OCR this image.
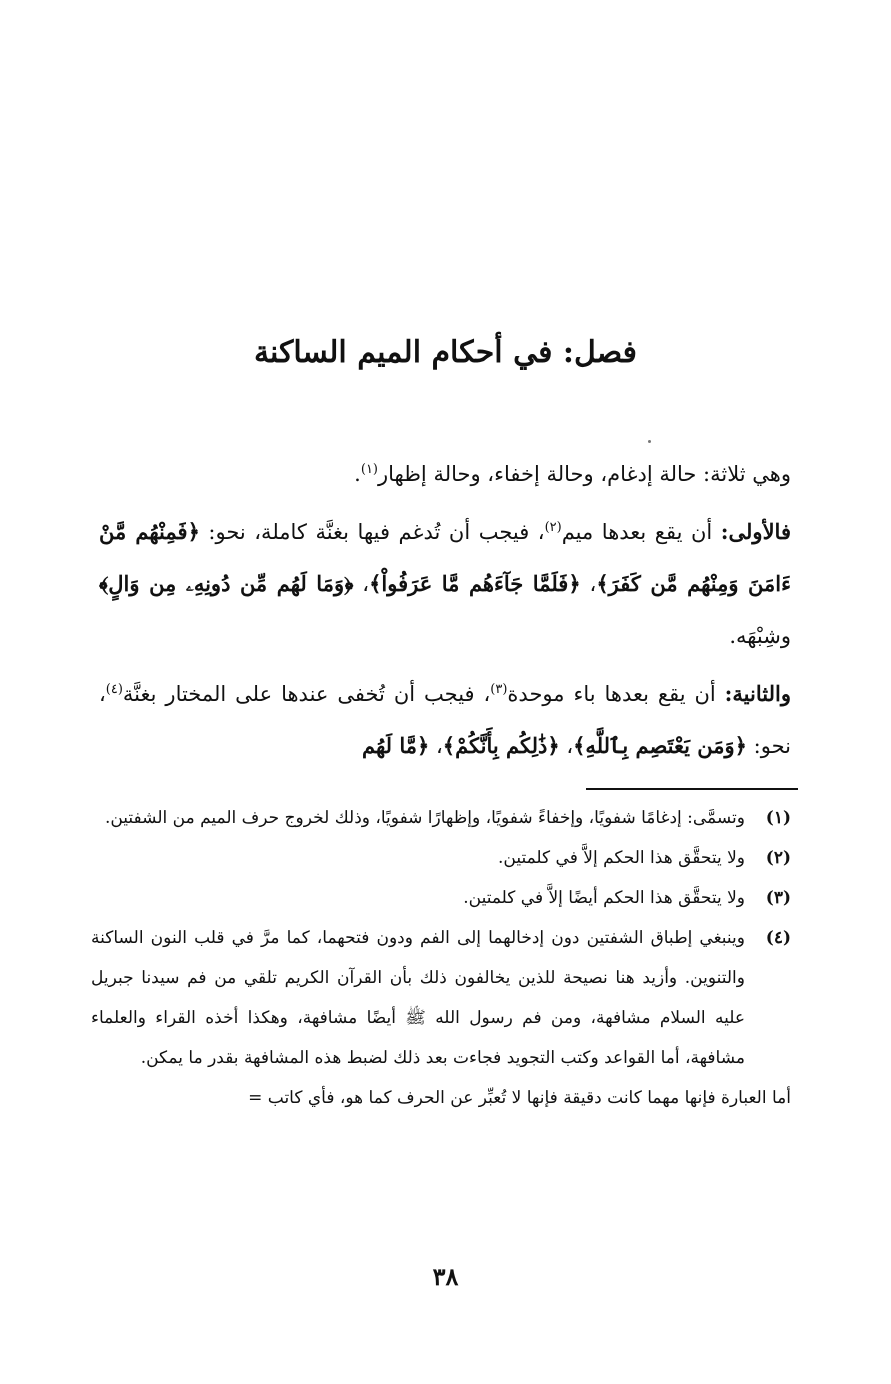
فصل: في أحكام الميم الساكنة

وهي ثلاثة: حالة إدغام، وحالة إخفاء، وحالة إظهار$^{(١)}$.

فالأولى: أن يقع بعدها ميم$^{(٢)}$، فيجب أن تُدغم فيها بغنَّة كاملة، نحو: ﴿فَمِنْهُم مَّنْ ءَامَنَ وَمِنْهُم مَّن كَفَرَ﴾، ﴿فَلَمَّا جَآءَهُم مَّا عَرَفُواْ﴾، ﴿وَمَا لَهُم مِّن دُونِهِۦ مِن وَالٍ﴾ وشِبْهَه.

والثانية: أن يقع بعدها باء موحدة$^{(٣)}$، فيجب أن تُخفى عندها على المختار بغنَّة$^{(٤)}$، نحو: ﴿وَمَن يَعْتَصِم بِٱللَّهِ﴾، ﴿ذَٰلِكُم بِأَنَّكُمْ﴾، ﴿مَّا لَهُم

(١)
وتسمَّى: إدغامًا شفويًا، وإخفاءً شفويًا، وإظهارًا شفويًا، وذلك لخروج حرف الميم من الشفتين.
(٢)
ولا يتحقَّق هذا الحكم إلاَّ في كلمتين.
(٣)
ولا يتحقَّق هذا الحكم أيضًا إلاَّ في كلمتين.
(٤)
وينبغي إطباق الشفتين دون إدخالهما إلى الفم ودون فتحهما، كما مرَّ في قلب النون الساكنة والتنوين. وأزيد هنا نصيحة للذين يخالفون ذلك بأن القرآن الكريم تلقي من فم سيدنا جبريل عليه السلام مشافهة، ومن فم رسول الله ﷺ أيضًا مشافهة، وهكذا أخذه القراء والعلماء مشافهة، أما القواعد وكتب التجويد فجاءت بعد ذلك لضبط هذه المشافهة بقدر ما يمكن.

أما العبارة فإنها مهما كانت دقيقة فإنها لا تُعبِّر عن الحرف كما هو، فأي كاتب =

٣٨
